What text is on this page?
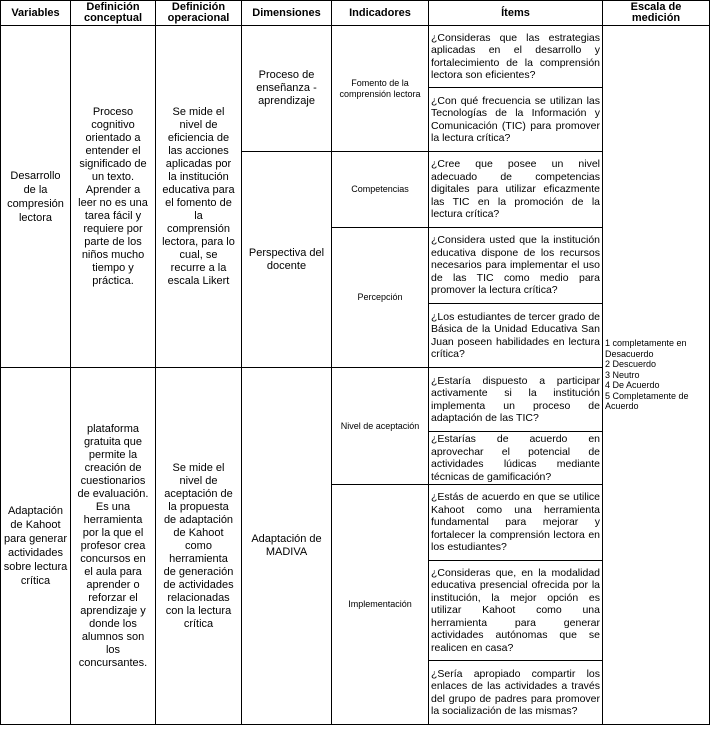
Variables	Definición conceptual	Definición operacional	Dimensiones	Indicadores	Ítems	Escala de medición
Desarrollo de la compresión lectora	Proceso cognitivo orientado a entender el significado de un texto. Aprender a leer no es una tarea fácil y requiere por parte de los niños mucho tiempo y práctica.	Se mide el nivel de eficiencia de las acciones aplicadas por la institución educativa para el fomento de la comprensión lectora, para lo cual, se recurre a la escala Likert	Proceso de enseñanza - aprendizaje	Fomento de la comprensión lectora	¿Consideras que las estrategias aplicadas en el desarrollo y fortalecimiento de la comprensión lectora son eficientes?	1 completamente en Desacuerdo
2 Descuerdo
3 Neutro
4 De Acuerdo
5 Completamente de Acuerdo

					¿Con qué frecuencia se utilizan las Tecnologías de la Información y Comunicación (TIC) para promover la lectura crítica?	
			Perspectiva del docente	Competencias	¿Cree que posee un nivel adecuado de competencias digitales para utilizar eficazmente las TIC en la promoción de la lectura crítica?	
				Percepción	¿Considera usted que la institución educativa dispone de los recursos necesarios para implementar el uso de las TIC como medio para promover la lectura crítica?	
					¿Los estudiantes de tercer grado de Básica de la Unidad Educativa San Juan poseen habilidades en lectura crítica?	
Adaptación de Kahoot para generar actividades sobre lectura crítica	plataforma gratuita que permite la creación de cuestionarios de evaluación. Es una herramienta por la que el profesor crea concursos en el aula para aprender o reforzar el aprendizaje y donde los alumnos son los concursantes.	Se mide el nivel de aceptación de la propuesta de adaptación de Kahoot como herramienta de generación de actividades relacionadas con la lectura crítica	Adaptación de MADIVA	Nivel de aceptación	¿Estaría dispuesto a participar activamente si la institución implementa un proceso de adaptación de las TIC?	
					¿Estarías de acuerdo en aprovechar el potencial de actividades lúdicas mediante técnicas de gamificación?	
				Implementación	¿Estás de acuerdo en que se utilice Kahoot como una herramienta fundamental para mejorar y fortalecer la comprensión lectora en los estudiantes?	
					¿Consideras que, en la modalidad educativa presencial ofrecida por la institución, la mejor opción es utilizar Kahoot como una herramienta para generar actividades autónomas que se realicen en casa?	
					¿Sería apropiado compartir los enlaces de las actividades a través del grupo de padres para promover la socialización de las mismas?	
